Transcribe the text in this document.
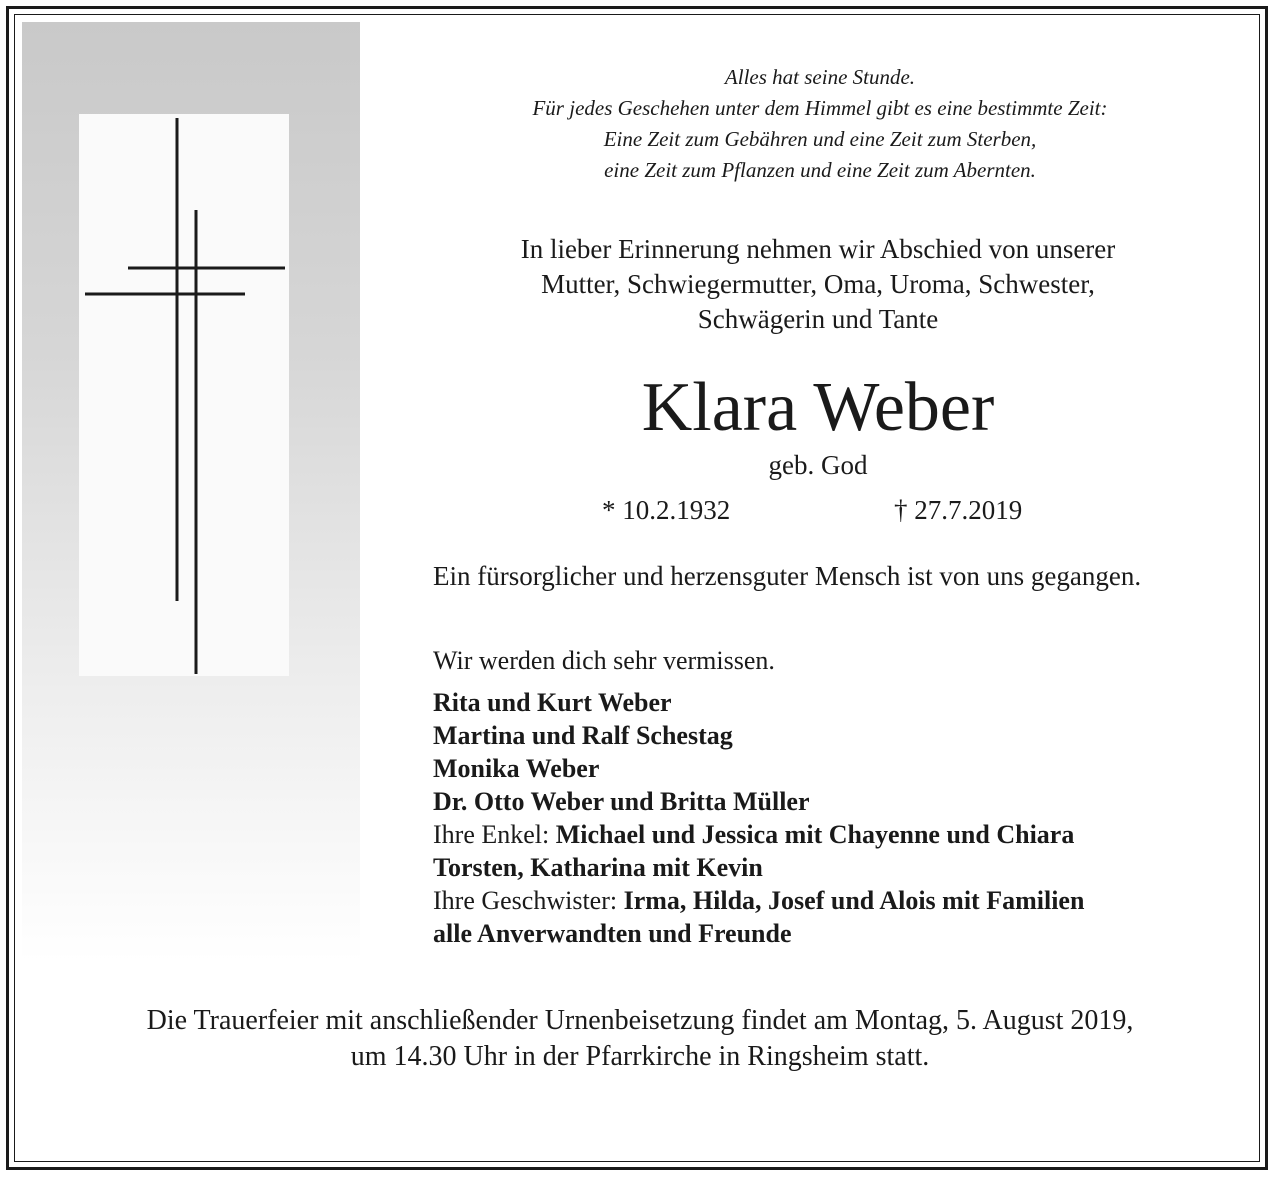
Alles hat seine Stunde.
Für jedes Geschehen unter dem Himmel gibt es eine bestimmte Zeit:
Eine Zeit zum Gebähren und eine Zeit zum Sterben,
eine Zeit zum Pflanzen und eine Zeit zum Abernten.
In lieber Erinnerung nehmen wir Abschied von unserer
Mutter, Schwiegermutter, Oma, Uroma, Schwester,
Schwägerin und Tante
Klara Weber
geb. God
* 10.2.1932	† 27.7.2019
Ein fürsorglicher und herzensguter Mensch ist von uns gegangen.
Wir werden dich sehr vermissen.
Rita und Kurt Weber
Martina und Ralf Schestag
Monika Weber
Dr. Otto Weber und Britta Müller
Ihre Enkel: Michael und Jessica mit Chayenne und Chiara
Torsten, Katharina mit Kevin
Ihre Geschwister: Irma, Hilda, Josef und Alois mit Familien
alle Anverwandten und Freunde
Die Trauerfeier mit anschließender Urnenbeisetzung findet am Montag, 5. August 2019,
um 14.30 Uhr in der Pfarrkirche in Ringsheim statt.
